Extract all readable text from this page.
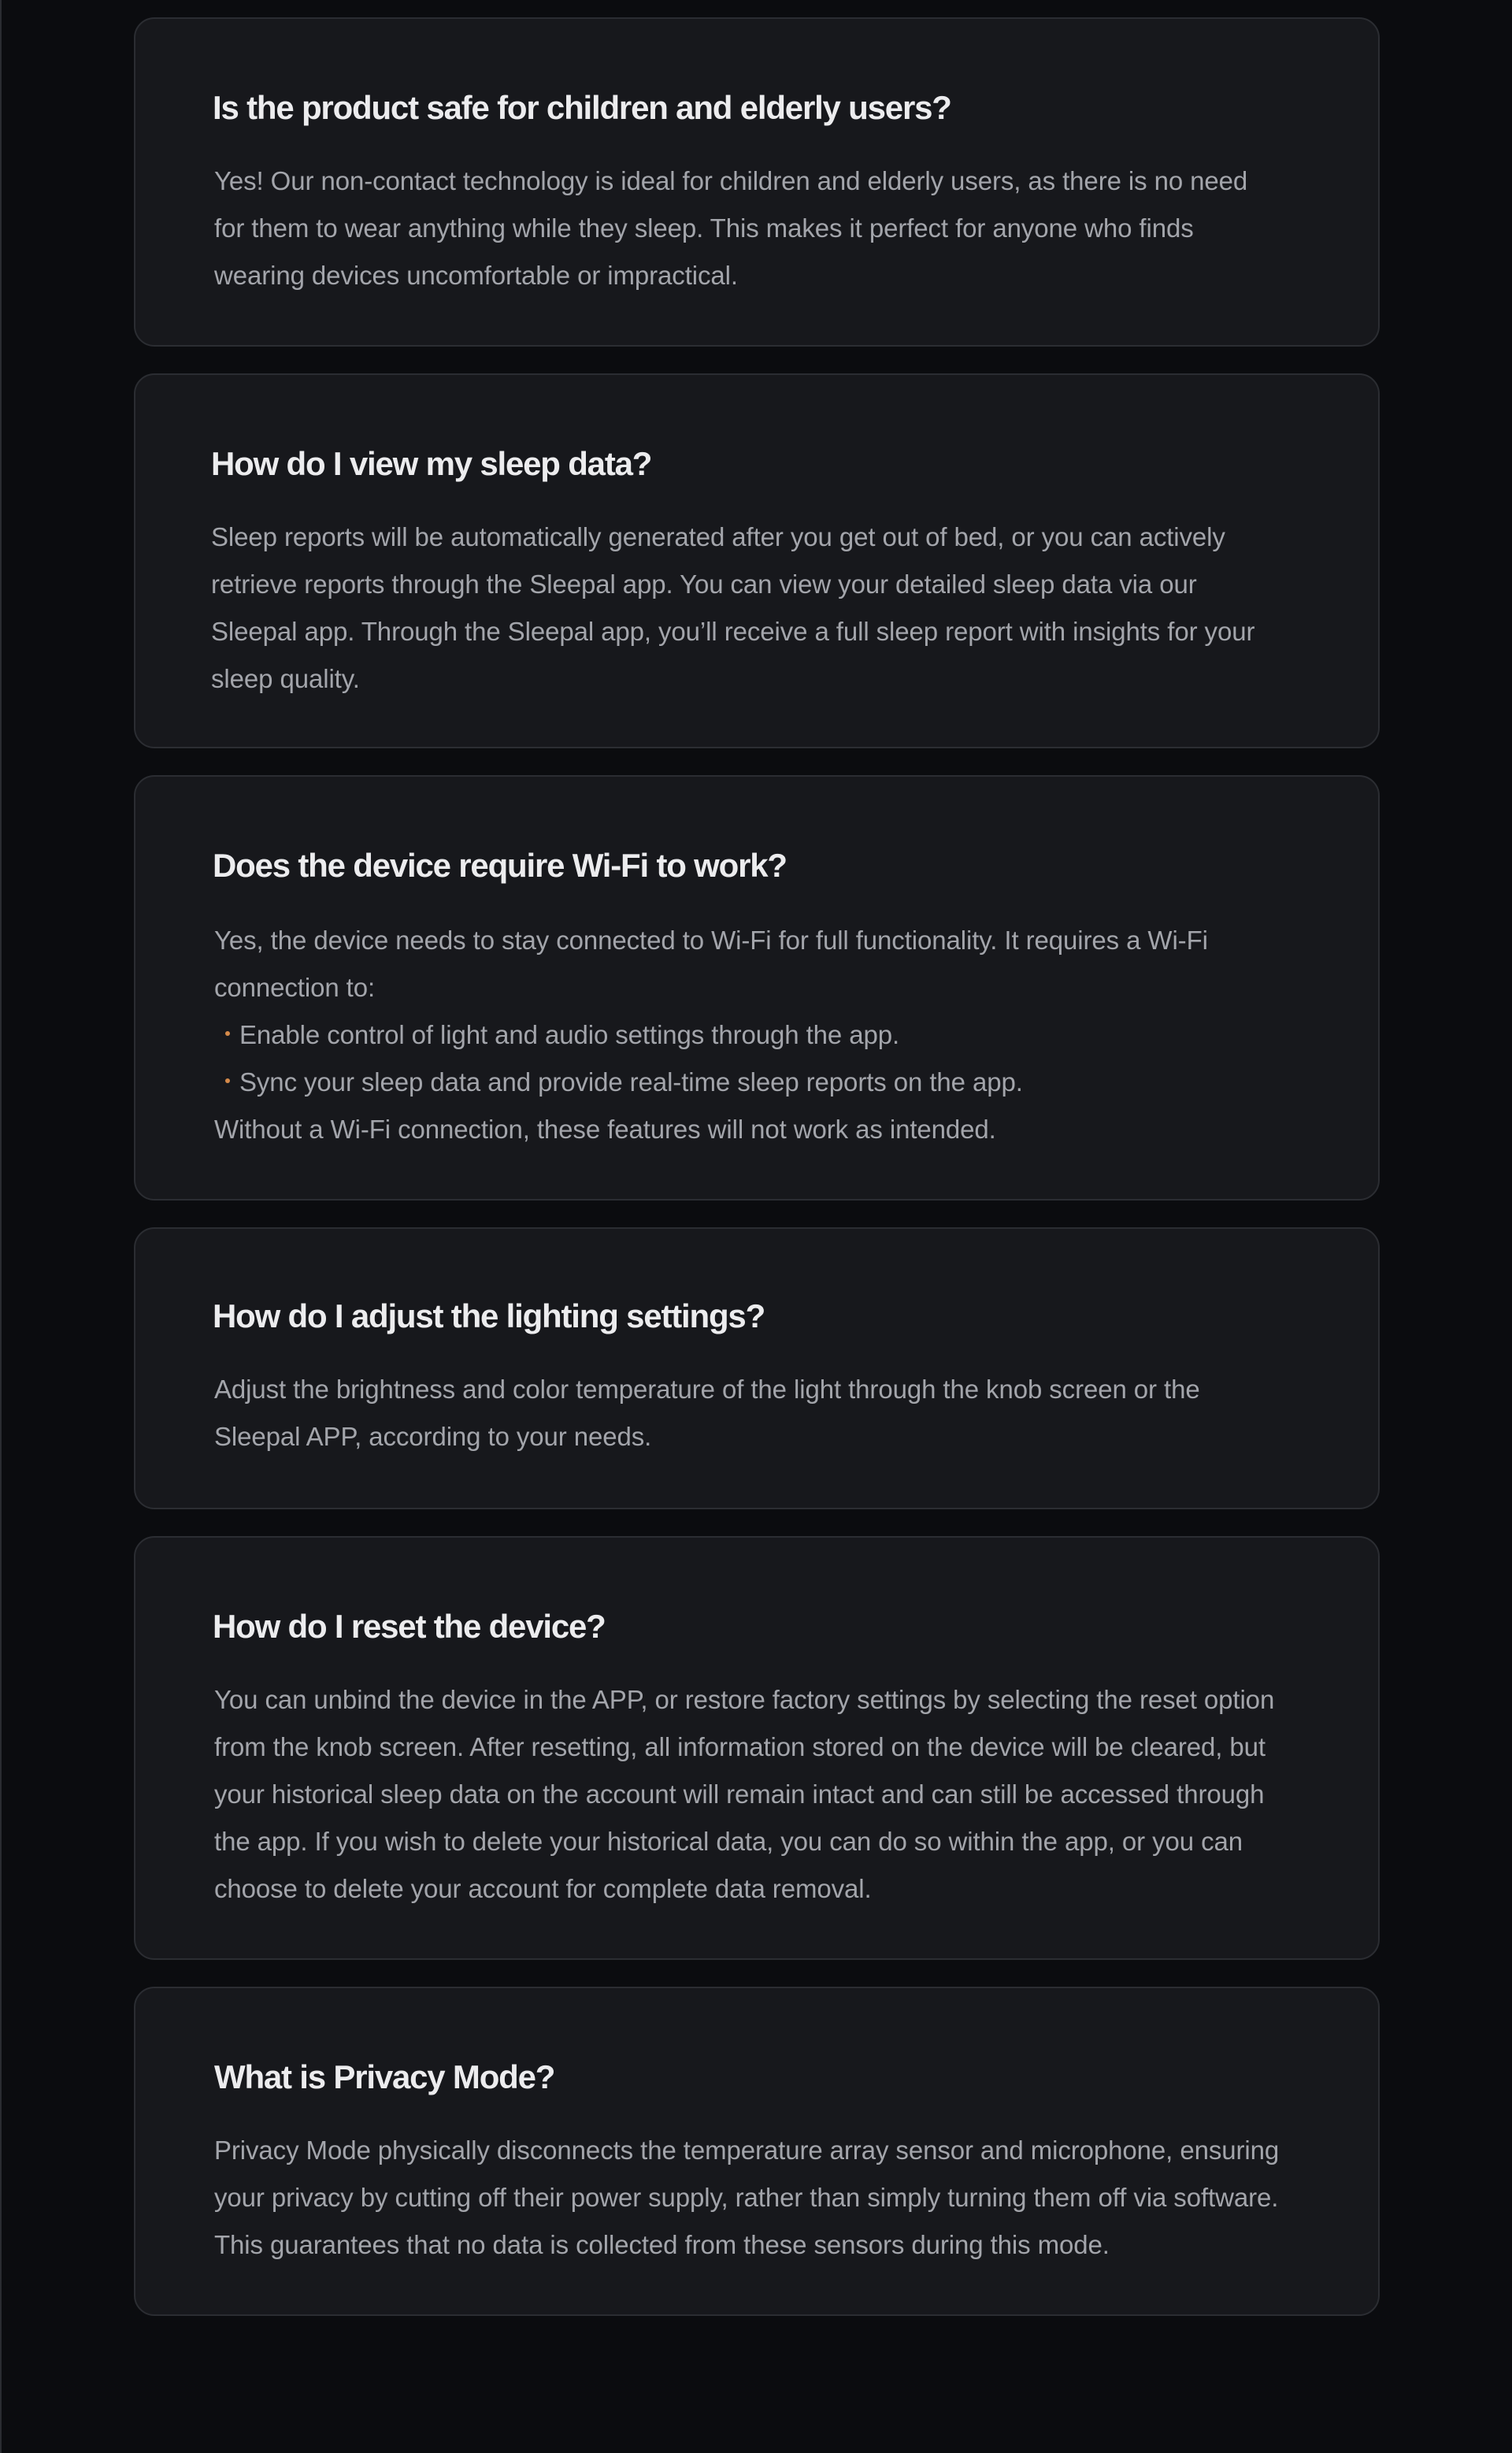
Is the product safe for children and elderly users?

Yes! Our non-contact technology is ideal for children and elderly users, as there is no need for them to wear anything while they sleep. This makes it perfect for anyone who finds wearing devices uncomfortable or impractical.

How do I view my sleep data?

Sleep reports will be automatically generated after you get out of bed, or you can actively retrieve reports through the Sleepal app. You can view your detailed sleep data via our Sleepal app. Through the Sleepal app, you’ll receive a full sleep report with insights for your sleep quality.

Does the device require Wi-Fi to work?

Yes, the device needs to stay connected to Wi-Fi for full functionality. It requires a Wi-Fi connection to:

Enable control of light and audio settings through the app.
Sync your sleep data and provide real-time sleep reports on the app.

Without a Wi-Fi connection, these features will not work as intended.

How do I adjust the lighting settings?

Adjust the brightness and color temperature of the light through the knob screen or the Sleepal APP, according to your needs.

How do I reset the device?

You can unbind the device in the APP, or restore factory settings by selecting the reset option from the knob screen. After resetting, all information stored on the device will be cleared, but your historical sleep data on the account will remain intact and can still be accessed through the app. If you wish to delete your historical data, you can do so within the app, or you can choose to delete your account for complete data removal.

What is Privacy Mode?

Privacy Mode physically disconnects the temperature array sensor and microphone, ensuring your privacy by cutting off their power supply, rather than simply turning them off via software. This guarantees that no data is collected from these sensors during this mode.
